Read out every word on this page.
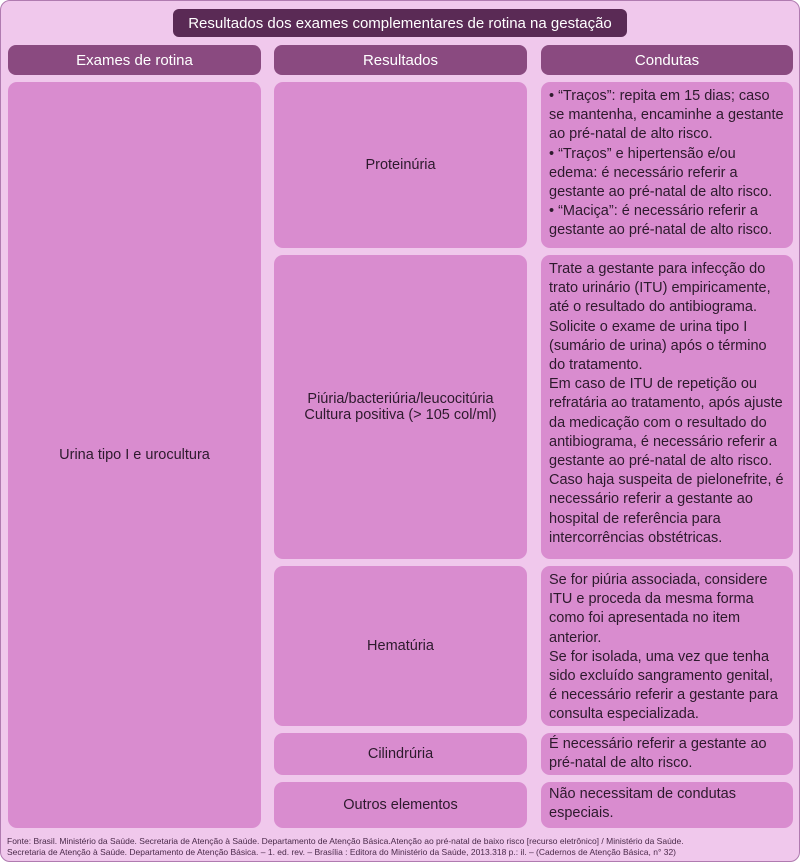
Resultados dos exames complementares de rotina na gestação
Exames de rotina	Resultados	Condutas
Urina tipo I e urocultura
Proteinúria

• “Traços”: repita em 15 dias; caso se mantenha, encaminhe a gestante ao pré-natal de alto risco.

• “Traços” e hipertensão e/ou edema: é necessário referir a gestante ao pré-natal de alto risco.

• “Maciça”: é necessário referir a gestante ao pré-natal de alto risco.

Piúria/bacteriúria/leucocitúria
Cultura positiva (> 105 col/ml)

Trate a gestante para infecção do trato urinário (ITU) empiricamente, até o resultado do antibiograma.

Solicite o exame de urina tipo I (sumário de urina) após o término do tratamento.

Em caso de ITU de repetição ou refratária ao tratamento, após ajuste da medicação com o resultado do antibiograma, é necessário referir a gestante ao pré-natal de alto risco.

Caso haja suspeita de pielonefrite, é necessário referir a gestante ao hospital de referência para intercorrências obstétricas.

Hematúria

Se for piúria associada, considere ITU e proceda da mesma forma como foi apresentada no item anterior.

Se for isolada, uma vez que tenha sido excluído sangramento genital, é necessário referir a gestante para consulta especializada.

Cilindrúria

É necessário referir a gestante ao pré-natal de alto risco.

Outros elementos

Não necessitam de condutas especiais.

Fonte: Brasil. Ministério da Saúde. Secretaria de Atenção à Saúde. Departamento de Atenção Básica.Atenção ao pré-natal de baixo risco [recurso eletrônico] / Ministério da Saúde.

Secretaria de Atenção à Saúde. Departamento de Atenção Básica. – 1. ed. rev. – Brasília : Editora do Ministério da Saúde, 2013.318 p.: il. – (Cadernos de Atenção Básica, n° 32)
